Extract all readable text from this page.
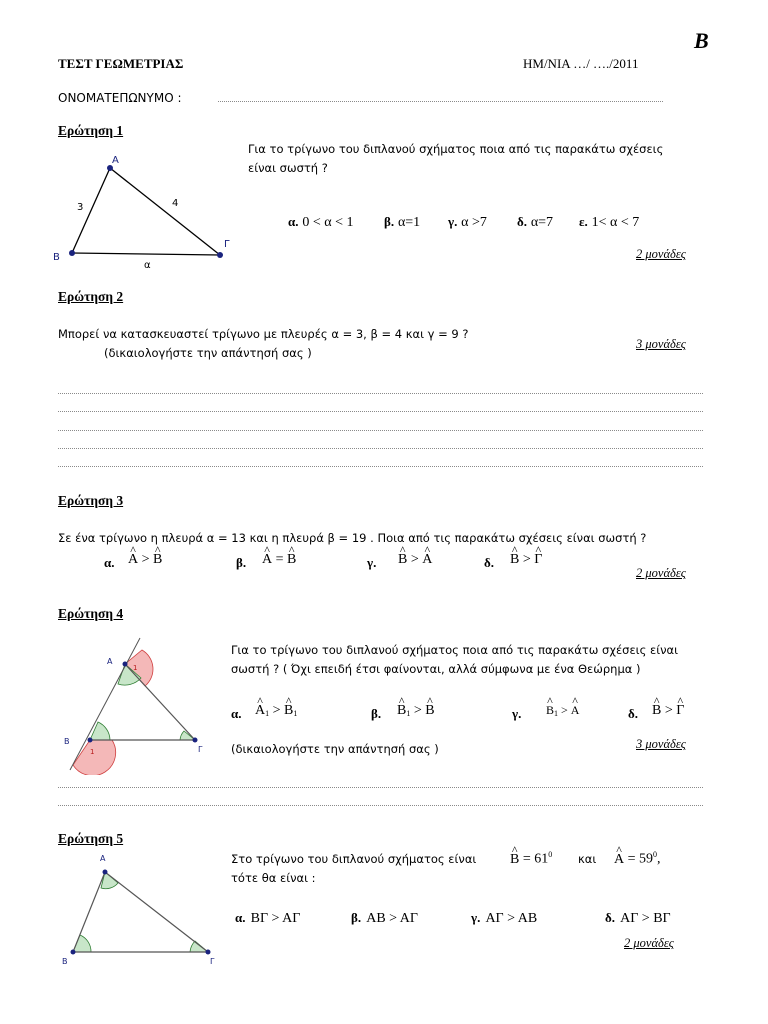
B
ΤΕΣΤ ΓΕΩΜΕΤΡΙΑΣ	ΗΜ/ΝΙΑ …/ …./2011
ΟΝΟΜΑΤΕΠΩΝΥΜΟ :
Ερώτηση 1
Για το τρίγωνο του διπλανού σχήματος ποια από τις παρακάτω σχέσεις
είναι σωστή ?
Α
Β
Γ
3	4
α
α. 0 < α < 1 β. α=1 γ. α >7 δ. α=7 ε. 1< α < 7
2 μονάδες
Ερώτηση 2
Μπορεί να κατασκευαστεί τρίγωνο με πλευρές α = 3, β = 4 και γ = 9 ?
(δικαιολογήστε την απάντησή σας )
3 μονάδες
Ερώτηση 3
Σε ένα τρίγωνο η πλευρά α = 13 και η πλευρά β = 19 . Ποια από τις παρακάτω σχέσεις είναι σωστή ?
α. ^ Α > ^ Β	β. ^ Α = ^ Β	γ. ^ Β > ^ Α	δ. ^ Β > ^ Γ
2 μονάδες
Ερώτηση 4
Για το τρίγωνο του διπλανού σχήματος ποια από τις παρακάτω σχέσεις είναι
σωστή ? ( Όχι επειδή έτσι φαίνονται, αλλά σύμφωνα με ένα Θεώρημα )
Α
Β
Γ
1
1
α. ^ $A_1$ > ^ $B_1$	β. ^ $B_1$ > ^ Β	γ. ^ $B_1$ > ^ Α	δ. ^ Β > ^ Γ
(δικαιολογήστε την απάντησή σας )	3 μονάδες
Ερώτηση 5
Στο τρίγωνο του διπλανού σχήματος είναι ^ $B = 61^0$ και ^ $A = 59^0$,
τότε θα είναι :
Α
Β	Γ
α. ΒΓ > ΑΓ	β. ΑΒ > ΑΓ	γ. ΑΓ > ΑΒ	δ. ΑΓ > ΒΓ
2 μονάδες
